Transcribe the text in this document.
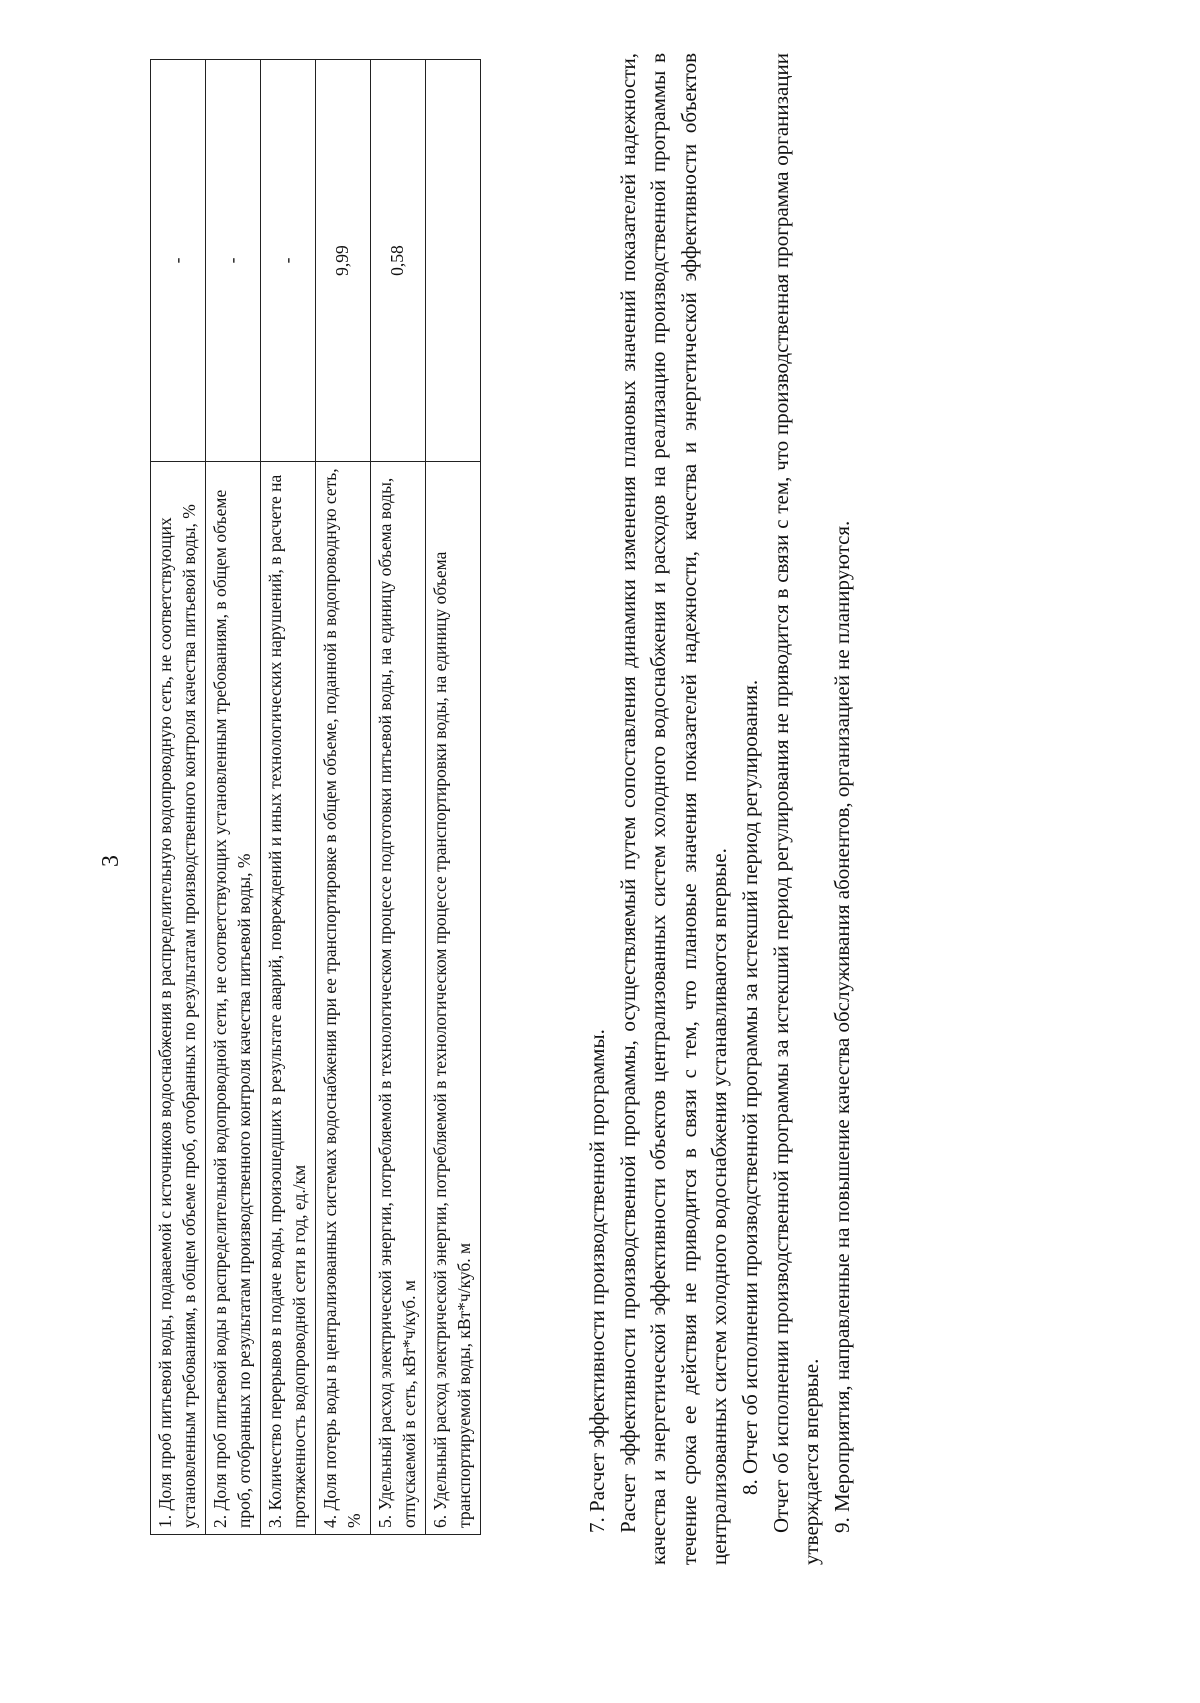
3 1. Доля проб питьевой воды, подаваемой с источников водоснабжения в распределительную водопроводную сеть, не соответствующих установленным требованиям, в общем объеме проб, отобранных по результатам производственного контроля качества питьевой воды, %	-
2. Доля проб питьевой воды в распределительной водопроводной сети, не соответствующих установленным требованиям, в общем объеме проб, отобранных по результатам производственного контроля качества питьевой воды, %	-
3. Количество перерывов в подаче воды, произошедших в результате аварий, повреждений и иных технологических нарушений, в расчете на протяженность водопроводной сети в год, ед./км	-
4. Доля потерь воды в централизованных системах водоснабжения при ее транспортировке в общем объеме, поданной в водопроводную сеть, %	9,99
5. Удельный расход электрической энергии, потребляемой в технологическом процессе подготовки питьевой воды, на единицу объема воды, отпускаемой в сеть, кВт*ч/куб. м	0,58
6. Удельный расход электрической энергии, потребляемой в технологическом процессе транспортировки воды, на единицу объема транспортируемой воды, кВт*ч/куб. м		7. Расчет эффективности производственной программы. Расчет эффективности производственной программы, осуществляемый путем сопоставления динамики изменения плановых значений показателей надежности, качества и энергетической эффективности объектов централизованных систем холодного водоснабжения и расходов на реализацию производственной программы в течение срока ее действия не приводится в связи с тем, что плановые значения показателей надежности, качества и энергетической эффективности объектов централизованных систем холодного водоснабжения устанавливаются впервые. 8. Отчет об исполнении производственной программы за истекший период регулирования. Отчет об исполнении производственной программы за истекший период регулирования не приводится в связи с тем, что производственная программа организации утверждается впервые. 9. Мероприятия, направленные на повышение качества обслуживания абонентов, организацией не планируются.
